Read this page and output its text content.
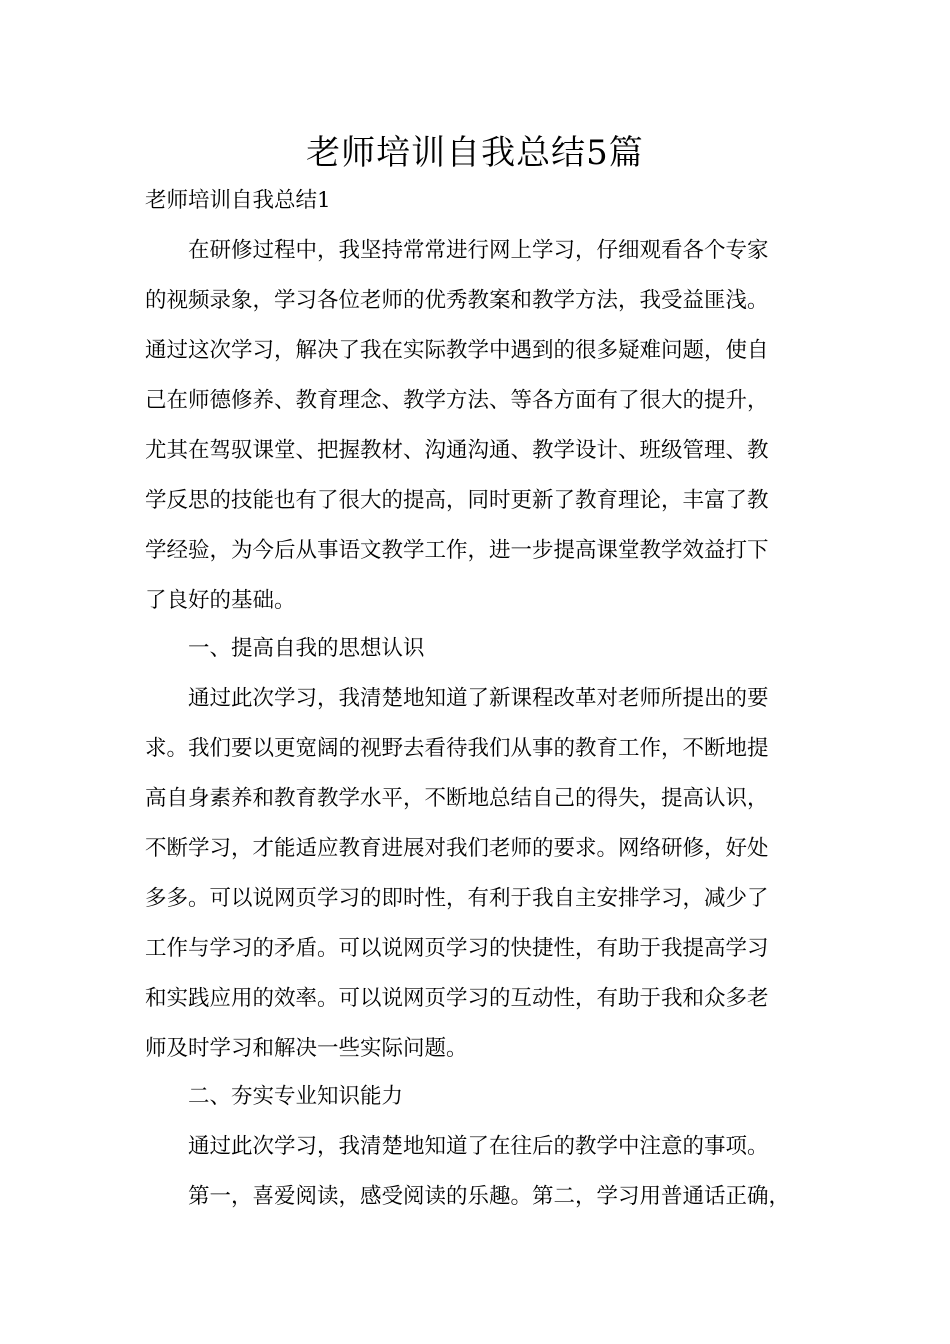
老师培训自我总结5篇
老师培训自我总结1
　　在研修过程中，我坚持常常进行网上学习，仔细观看各个专家
的视频录象，学习各位老师的优秀教案和教学方法，我受益匪浅。
通过这次学习，解决了我在实际教学中遇到的很多疑难问题，使自
己在师德修养、教育理念、教学方法、等各方面有了很大的提升，
尤其在驾驭课堂、把握教材、沟通沟通、教学设计、班级管理、教
学反思的技能也有了很大的提高，同时更新了教育理论，丰富了教
学经验，为今后从事语文教学工作，进一步提高课堂教学效益打下
了良好的基础。
　　一、提高自我的思想认识
　　通过此次学习，我清楚地知道了新课程改革对老师所提出的要
求。我们要以更宽阔的视野去看待我们从事的教育工作，不断地提
高自身素养和教育教学水平，不断地总结自己的得失，提高认识，
不断学习，才能适应教育进展对我们老师的要求。网络研修，好处
多多。可以说网页学习的即时性，有利于我自主安排学习，减少了
工作与学习的矛盾。可以说网页学习的快捷性，有助于我提高学习
和实践应用的效率。可以说网页学习的互动性，有助于我和众多老
师及时学习和解决一些实际问题。
　　二、夯实专业知识能力
　　通过此次学习，我清楚地知道了在往后的教学中注意的事项。
　　第一，喜爱阅读，感受阅读的乐趣。第二，学习用普通话正确，
